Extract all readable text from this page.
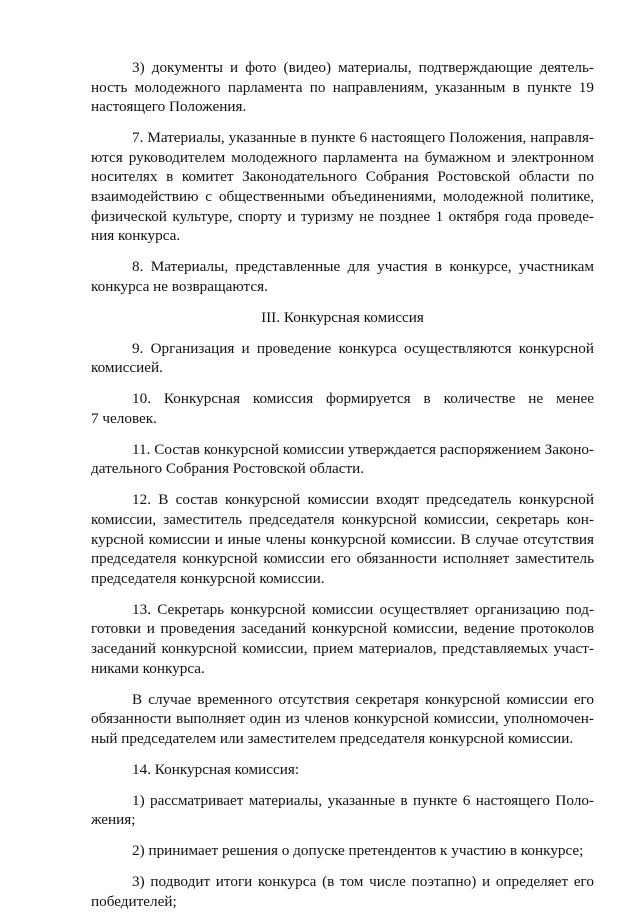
3) документы и фото (видео) материалы, подтверждающие деятель-
ность молодежного парламента по направлениям, указанным в пункте 19
настоящего Положения.

7. Материалы, указанные в пункте 6 настоящего Положения, направля-
ются руководителем молодежного парламента на бумажном и электронном
носителях в комитет Законодательного Собрания Ростовской области по
взаимодействию с общественными объединениями, молодежной политике,
физической культуре, спорту и туризму не позднее 1 октября года проведе-
ния конкурса.

8. Материалы, представленные для участия в конкурсе, участникам
конкурса не возвращаются.

III. Конкурсная комиссия

9. Организация и проведение конкурса осуществляются конкурсной
комиссией.

10. Конкурсная комиссия формируется в количестве не менее
7 человек.

11. Состав конкурсной комиссии утверждается распоряжением Законо-
дательного Собрания Ростовской области.

12. В состав конкурсной комиссии входят председатель конкурсной
комиссии, заместитель председателя конкурсной комиссии, секретарь кон-
курсной комиссии и иные члены конкурсной комиссии. В случае отсутствия
председателя конкурсной комиссии его обязанности исполняет заместитель
председателя конкурсной комиссии.

13. Секретарь конкурсной комиссии осуществляет организацию под-
готовки и проведения заседаний конкурсной комиссии, ведение протоколов
заседаний конкурсной комиссии, прием материалов, представляемых участ-
никами конкурса.

В случае временного отсутствия секретаря конкурсной комиссии его
обязанности выполняет один из членов конкурсной комиссии, уполномочен-
ный председателем или заместителем председателя конкурсной комиссии.

14. Конкурсная комиссия:

1) рассматривает материалы, указанные в пункте 6 настоящего Поло-
жения;

2) принимает решения о допуске претендентов к участию в конкурсе;

3) подводит итоги конкурса (в том числе поэтапно) и определяет его
победителей;
